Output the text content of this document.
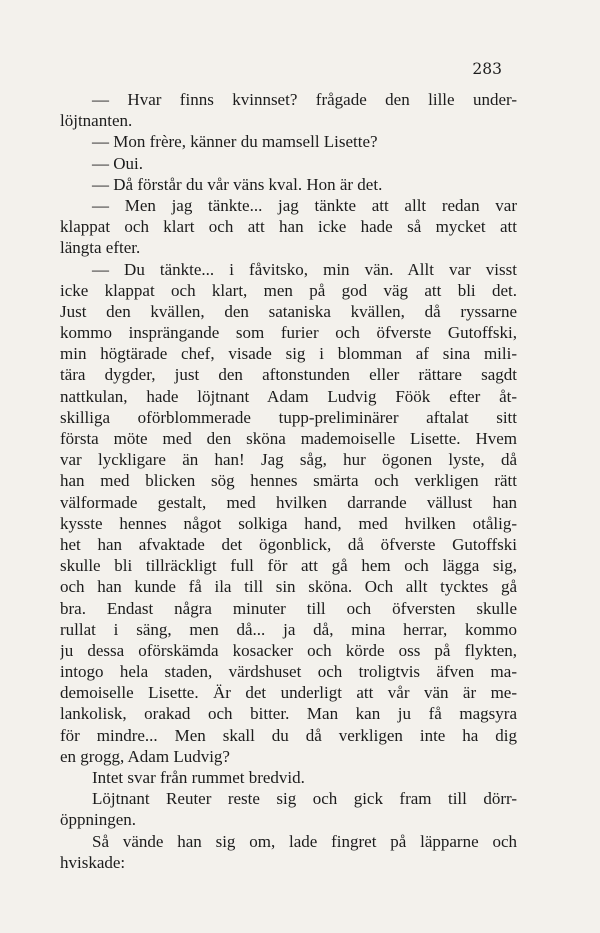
283
— Hvar finns kvinnset? frågade den lille under-
löjtnanten.
— Mon frère, känner du mamsell Lisette?
— Oui.
— Då förstår du vår väns kval. Hon är det.
— Men jag tänkte... jag tänkte att allt redan var
klappat och klart och att han icke hade så mycket att
längta efter.
— Du tänkte... i fåvitsko, min vän. Allt var visst
icke klappat och klart, men på god väg att bli det.
Just den kvällen, den sataniska kvällen, då ryssarne
kommo insprängande som furier och öfverste Gutoffski,
min högtärade chef, visade sig i blomman af sina mili-
tära dygder, just den aftonstunden eller rättare sagdt
nattkulan, hade löjtnant Adam Ludvig Föök efter åt-
skilliga oförblommerade tupp-preliminärer aftalat sitt
första möte med den sköna mademoiselle Lisette. Hvem
var lyckligare än han! Jag såg, hur ögonen lyste, då
han med blicken sög hennes smärta och verkligen rätt
välformade gestalt, med hvilken darrande vällust han
kysste hennes något solkiga hand, med hvilken otålig-
het han afvaktade det ögonblick, då öfverste Gutoffski
skulle bli tillräckligt full för att gå hem och lägga sig,
och han kunde få ila till sin sköna. Och allt tycktes gå
bra. Endast några minuter till och öfversten skulle
rullat i säng, men då... ja då, mina herrar, kommo
ju dessa oförskämda kosacker och körde oss på flykten,
intogo hela staden, värdshuset och troligtvis äfven ma-
demoiselle Lisette. Är det underligt att vår vän är me-
lankolisk, orakad och bitter. Man kan ju få magsyra
för mindre... Men skall du då verkligen inte ha dig
en grogg, Adam Ludvig?
Intet svar från rummet bredvid.
Löjtnant Reuter reste sig och gick fram till dörr-
öppningen.
Så vände han sig om, lade fingret på läpparne och
hviskade:
